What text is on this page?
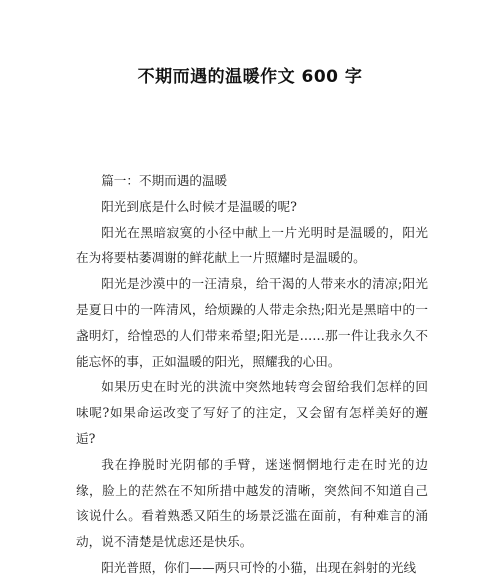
不期而遇的温暖作文 600 字

篇一：不期而遇的温暖

阳光到底是什么时候才是温暖的呢?

阳光在黑暗寂寞的小径中献上一片光明时是温暖的，阳光在为将要枯萎凋谢的鲜花献上一片照耀时是温暖的。

阳光是沙漠中的一汪清泉，给干渴的人带来水的清凉;阳光是夏日中的一阵清风，给烦躁的人带走余热;阳光是黑暗中的一盏明灯，给惶恐的人们带来希望;阳光是……那一件让我永久不能忘怀的事，正如温暖的阳光，照耀我的心田。

如果历史在时光的洪流中突然地转弯会留给我们怎样的回味呢?如果命运改变了写好了的注定，又会留有怎样美好的邂逅?

我在挣脱时光阴郁的手臂，迷迷惘惘地行走在时光的边缘，脸上的茫然在不知所措中越发的清晰，突然间不知道自己该说什么。看着熟悉又陌生的场景泛滥在面前，有种难言的涌动，说不清楚是忧虑还是快乐。

阳光普照，你们——两只可怜的小猫，出现在斜射的光线
